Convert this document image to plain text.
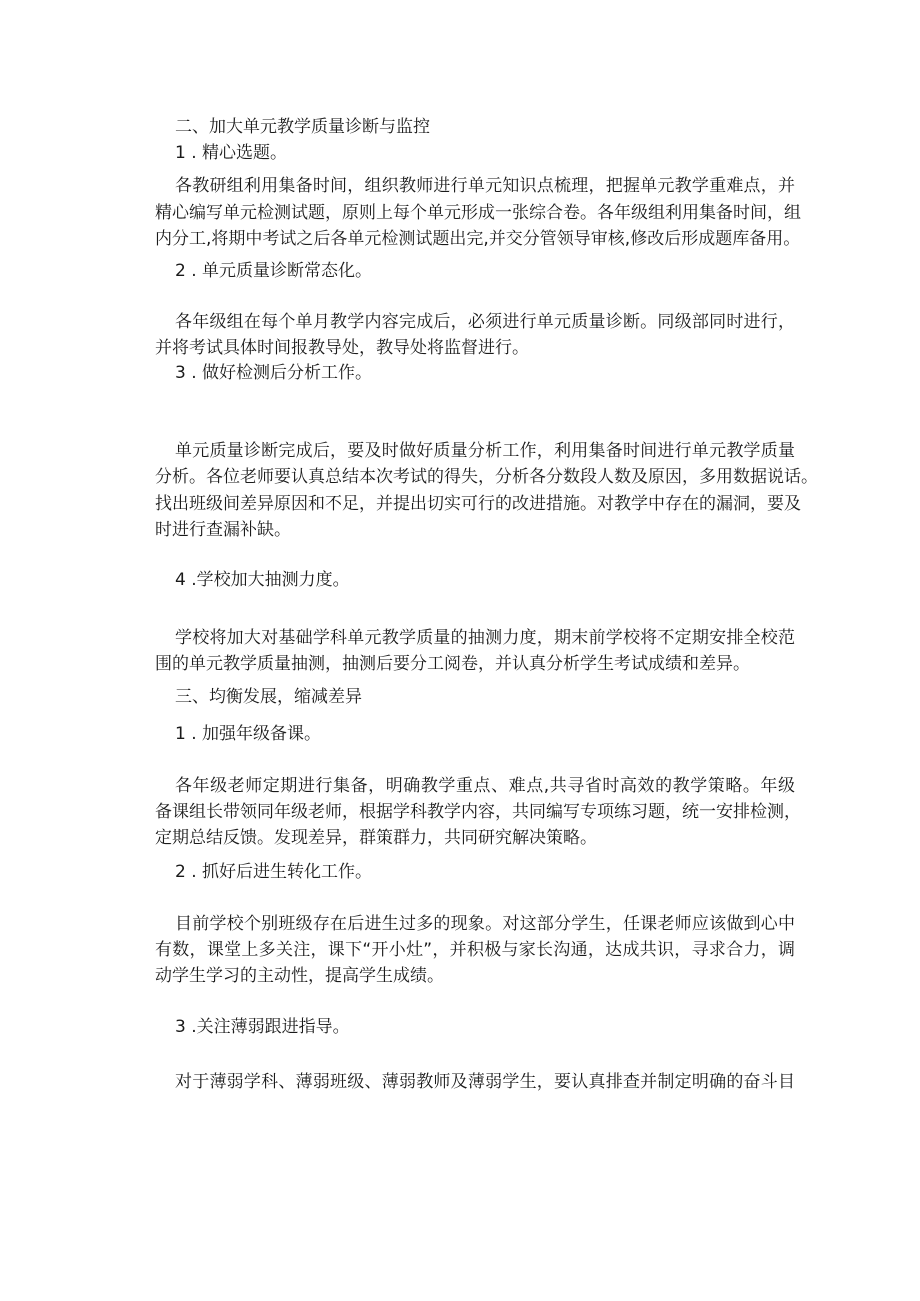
二、加大单元教学质量诊断与监控
1 . 精心选题。
各教研组利用集备时间，组织教师进行单元知识点梳理，把握单元教学重难点，并
精心编写单元检测试题，原则上每个单元形成一张综合卷。各年级组利用集备时间，组
内分工,将期中考试之后各单元检测试题出完,并交分管领导审核,修改后形成题库备用。
2 . 单元质量诊断常态化。
各年级组在每个单月教学内容完成后，必须进行单元质量诊断。同级部同时进行，
并将考试具体时间报教导处，教导处将监督进行。
3 . 做好检测后分析工作。
单元质量诊断完成后，要及时做好质量分析工作，利用集备时间进行单元教学质量
分析。各位老师要认真总结本次考试的得失，分析各分数段人数及原因，多用数据说话。
找出班级间差异原因和不足，并提出切实可行的改进措施。对教学中存在的漏洞，要及
时进行查漏补缺。
4 .学校加大抽测力度。
学校将加大对基础学科单元教学质量的抽测力度，期末前学校将不定期安排全校范
围的单元教学质量抽测，抽测后要分工阅卷，并认真分析学生考试成绩和差异。
三、均衡发展，缩减差异
1 . 加强年级备课。
各年级老师定期进行集备，明确教学重点、难点,共寻省时高效的教学策略。年级
备课组长带领同年级老师，根据学科教学内容，共同编写专项练习题，统一安排检测，
定期总结反馈。发现差异，群策群力，共同研究解决策略。
2 . 抓好后进生转化工作。
目前学校个别班级存在后进生过多的现象。对这部分学生，任课老师应该做到心中
有数，课堂上多关注，课下“开小灶”，并积极与家长沟通，达成共识，寻求合力，调
动学生学习的主动性，提高学生成绩。
3 .关注薄弱跟进指导。
对于薄弱学科、薄弱班级、薄弱教师及薄弱学生，要认真排查并制定明确的奋斗目
